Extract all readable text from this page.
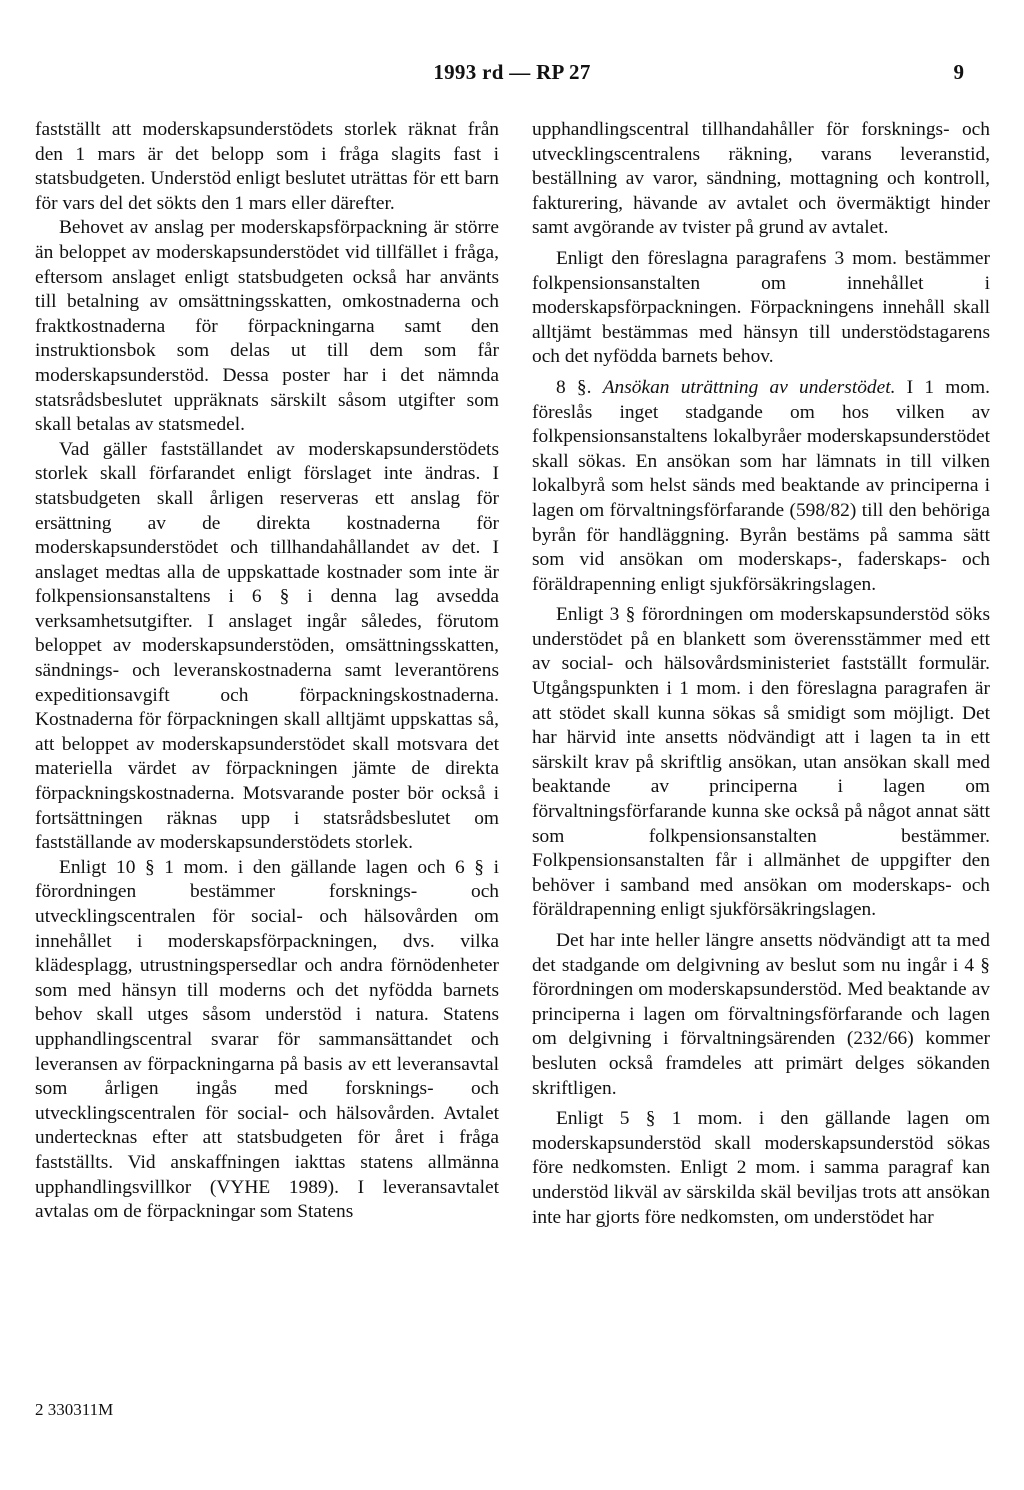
1993 rd — RP 27	9

fastställt att moderskapsunderstödets storlek räknat från den 1 mars är det belopp som i fråga slagits fast i statsbudgeten. Understöd enligt beslutet uträttas för ett barn för vars del det sökts den 1 mars eller därefter.

Behovet av anslag per moderskapsförpackning är större än beloppet av moderskapsunderstödet vid tillfället i fråga, eftersom anslaget enligt statsbudgeten också har använts till betalning av omsättningsskatten, omkostnaderna och fraktkostnaderna för förpackningarna samt den instruktionsbok som delas ut till dem som får moderskapsunderstöd. Dessa poster har i det nämnda statsrådsbeslutet uppräknats särskilt såsom utgifter som skall betalas av statsmedel.

Vad gäller fastställandet av moderskapsunderstödets storlek skall förfarandet enligt förslaget inte ändras. I statsbudgeten skall årligen reserveras ett anslag för ersättning av de direkta kostnaderna för moderskapsunderstödet och tillhandahållandet av det. I anslaget medtas alla de uppskattade kostnader som inte är folkpensionsanstaltens i 6 § i denna lag avsedda verksamhetsutgifter. I anslaget ingår således, förutom beloppet av moderskapsunderstöden, omsättningsskatten, sändnings- och leveranskostnaderna samt leverantörens expeditionsavgift och förpackningskostnaderna. Kostnaderna för förpackningen skall alltjämt uppskattas så, att beloppet av moderskapsunderstödet skall motsvara det materiella värdet av förpackningen jämte de direkta förpackningskostnaderna. Motsvarande poster bör också i fortsättningen räknas upp i statsrådsbeslutet om fastställande av moderskapsunderstödets storlek.

Enligt 10 § 1 mom. i den gällande lagen och 6 § i förordningen bestämmer forsknings- och utvecklingscentralen för social- och hälsovården om innehållet i moderskapsförpackningen, dvs. vilka klädesplagg, utrustningspersedlar och andra förnödenheter som med hänsyn till moderns och det nyfödda barnets behov skall utges såsom understöd i natura. Statens upphandlingscentral svarar för sammansättandet och leveransen av förpackningarna på basis av ett leveransavtal som årligen ingås med forsknings- och utvecklingscentralen för social- och hälsovården. Avtalet undertecknas efter att statsbudgeten för året i fråga fastställts. Vid anskaffningen iakttas statens allmänna upphandlingsvillkor (VYHE 1989). I leveransavtalet avtalas om de förpackningar som Statens

upphandlingscentral tillhandahåller för forsknings- och utvecklingscentralens räkning, varans leveranstid, beställning av varor, sändning, mottagning och kontroll, fakturering, hävande av avtalet och övermäktigt hinder samt avgörande av tvister på grund av avtalet.

Enligt den föreslagna paragrafens 3 mom. bestämmer folkpensionsanstalten om innehållet i moderskapsförpackningen. Förpackningens innehåll skall alltjämt bestämmas med hänsyn till understödstagarens och det nyfödda barnets behov.

8 §. Ansökan uträttning av understödet. I 1 mom. föreslås inget stadgande om hos vilken av folkpensionsanstaltens lokalbyråer moderskapsunderstödet skall sökas. En ansökan som har lämnats in till vilken lokalbyrå som helst sänds med beaktande av principerna i lagen om förvaltningsförfarande (598/82) till den behöriga byrån för handläggning. Byrån bestäms på samma sätt som vid ansökan om moderskaps-, faderskaps- och föräldrapenning enligt sjukförsäkringslagen.

Enligt 3 § förordningen om moderskapsunderstöd söks understödet på en blankett som överensstämmer med ett av social- och hälsovårdsministeriet fastställt formulär. Utgångspunkten i 1 mom. i den föreslagna paragrafen är att stödet skall kunna sökas så smidigt som möjligt. Det har härvid inte ansetts nödvändigt att i lagen ta in ett särskilt krav på skriftlig ansökan, utan ansökan skall med beaktande av principerna i lagen om förvaltningsförfarande kunna ske också på något annat sätt som folkpensionsanstalten bestämmer. Folkpensionsanstalten får i allmänhet de uppgifter den behöver i samband med ansökan om moderskaps- och föräldrapenning enligt sjukförsäkringslagen.

Det har inte heller längre ansetts nödvändigt att ta med det stadgande om delgivning av beslut som nu ingår i 4 § förordningen om moderskapsunderstöd. Med beaktande av principerna i lagen om förvaltningsförfarande och lagen om delgivning i förvaltningsärenden (232/66) kommer besluten också framdeles att primärt delges sökanden skriftligen.

Enligt 5 § 1 mom. i den gällande lagen om moderskapsunderstöd skall moderskapsunderstöd sökas före nedkomsten. Enligt 2 mom. i samma paragraf kan understöd likväl av särskilda skäl beviljas trots att ansökan inte har gjorts före nedkomsten, om understödet har

2 330311M
